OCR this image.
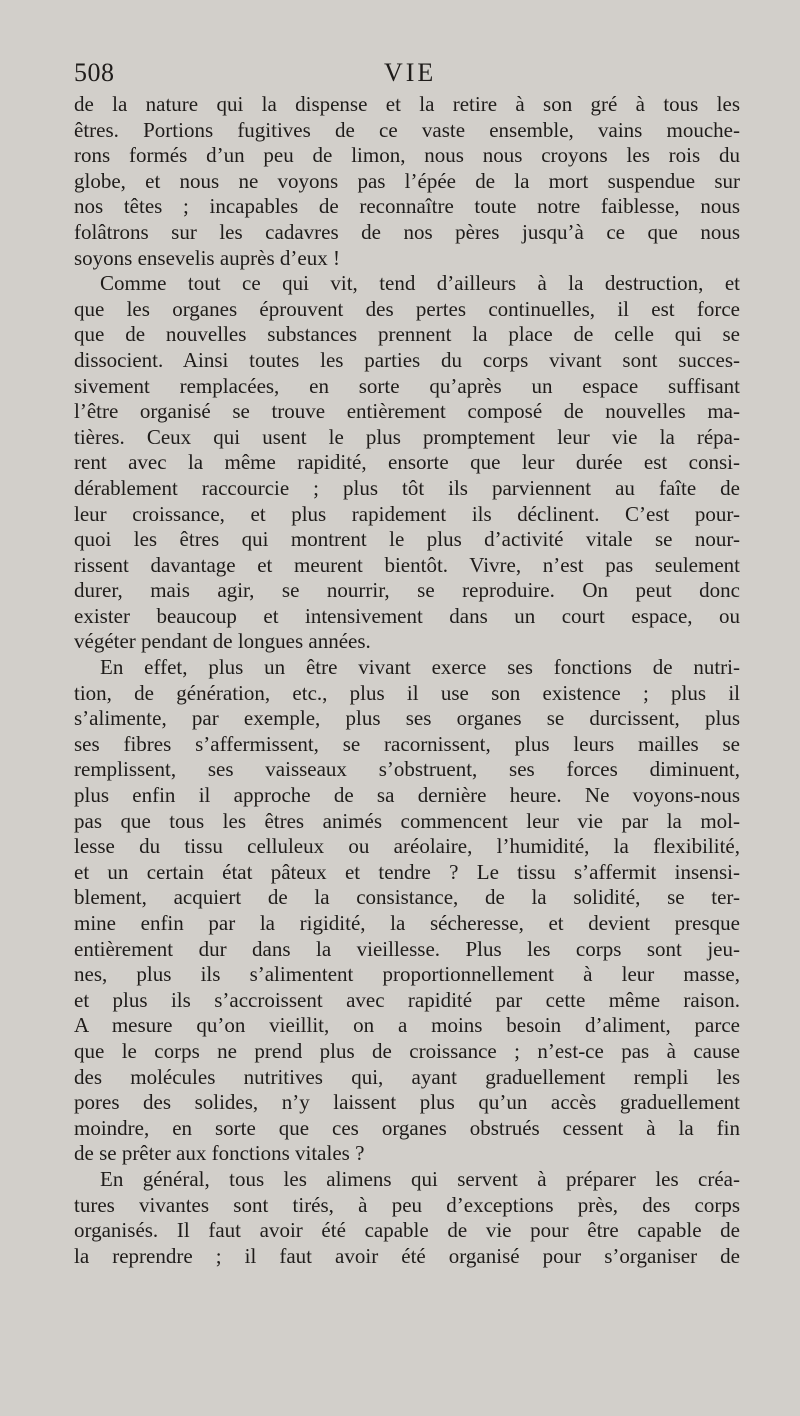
508	VIE
de la nature qui la dispense et la retire à son gré à tous les
êtres. Portions fugitives de ce vaste ensemble, vains mouche-
rons formés d’un peu de limon, nous nous croyons les rois du
globe, et nous ne voyons pas l’épée de la mort suspendue sur
nos têtes ; incapables de reconnaître toute notre faiblesse, nous
folâtrons sur les cadavres de nos pères jusqu’à ce que nous
soyons ensevelis auprès d’eux !
Comme tout ce qui vit, tend d’ailleurs à la destruction, et
que les organes éprouvent des pertes continuelles, il est force
que de nouvelles substances prennent la place de celle qui se
dissocient. Ainsi toutes les parties du corps vivant sont succes-
sivement remplacées, en sorte qu’après un espace suffisant
l’être organisé se trouve entièrement composé de nouvelles ma-
tières. Ceux qui usent le plus promptement leur vie la répa-
rent avec la même rapidité, ensorte que leur durée est consi-
dérablement raccourcie ; plus tôt ils parviennent au faîte de
leur croissance, et plus rapidement ils déclinent. C’est pour-
quoi les êtres qui montrent le plus d’activité vitale se nour-
rissent davantage et meurent bientôt. Vivre, n’est pas seulement
durer, mais agir, se nourrir, se reproduire. On peut donc
exister beaucoup et intensivement dans un court espace, ou
végéter pendant de longues années.
En effet, plus un être vivant exerce ses fonctions de nutri-
tion, de génération, etc., plus il use son existence ; plus il
s’alimente, par exemple, plus ses organes se durcissent, plus
ses fibres s’affermissent, se racornissent, plus leurs mailles se
remplissent, ses vaisseaux s’obstruent, ses forces diminuent,
plus enfin il approche de sa dernière heure. Ne voyons-nous
pas que tous les êtres animés commencent leur vie par la mol-
lesse du tissu celluleux ou aréolaire, l’humidité, la flexibilité,
et un certain état pâteux et tendre ? Le tissu s’affermit insensi-
blement, acquiert de la consistance, de la solidité, se ter-
mine enfin par la rigidité, la sécheresse, et devient presque
entièrement dur dans la vieillesse. Plus les corps sont jeu-
nes, plus ils s’alimentent proportionnellement à leur masse,
et plus ils s’accroissent avec rapidité par cette même raison.
A mesure qu’on vieillit, on a moins besoin d’aliment, parce
que le corps ne prend plus de croissance ; n’est-ce pas à cause
des molécules nutritives qui, ayant graduellement rempli les
pores des solides, n’y laissent plus qu’un accès graduellement
moindre, en sorte que ces organes obstrués cessent à la fin
de se prêter aux fonctions vitales ?
En général, tous les alimens qui servent à préparer les créa-
tures vivantes sont tirés, à peu d’exceptions près, des corps
organisés. Il faut avoir été capable de vie pour être capable de
la reprendre ; il faut avoir été organisé pour s’organiser de
